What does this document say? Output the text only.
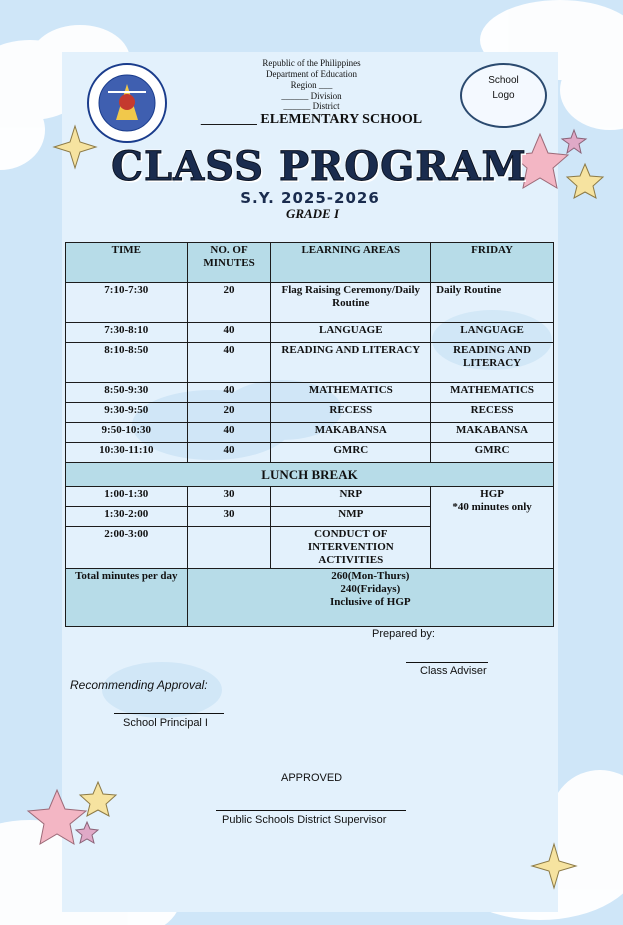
Republic of the Philippines
Department of Education
Region ___
______ Division
______ District
________ ELEMENTARY SCHOOL
School
Logo
CLASS PROGRAM
S.Y. 2025-2026
GRADE I
TIME	NO. OF MINUTES	LEARNING AREAS	FRIDAY
7:10-7:30	20	Flag Raising Ceremony/Daily Routine	Daily Routine
7:30-8:10	40	LANGUAGE	LANGUAGE
8:10-8:50	40	READING AND LITERACY	READING AND LITERACY
8:50-9:30	40	MATHEMATICS	MATHEMATICS
9:30-9:50	20	RECESS	RECESS
9:50-10:30	40	MAKABANSA	MAKABANSA
10:30-11:10	40	GMRC	GMRC
LUNCH BREAK			
1:00-1:30	30	NRP	HGP
*40 minutes only

1:30-2:00	30	NMP	
2:00-3:00		CONDUCT OF INTERVENTION ACTIVITIES	
Total minutes per day	260(Mon-Thurs)
240(Fridays)
Inclusive of HGP		
Prepared by:
Class Adviser
Recommending Approval:
School Principal I
APPROVED
Public Schools District Supervisor
